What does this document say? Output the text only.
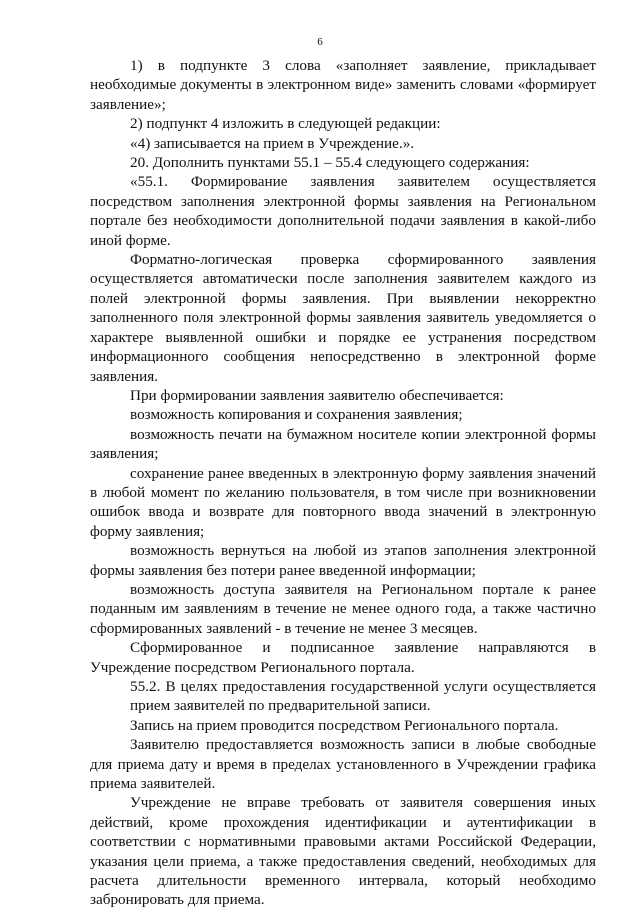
6

1) в подпункте 3 слова «заполняет заявление, прикладывает необходимые документы в электронном виде» заменить словами «формирует заявление»;

2) подпункт 4 изложить в следующей редакции:

«4) записывается на прием в Учреждение.».

20. Дополнить пунктами 55.1 – 55.4 следующего содержания:

«55.1. Формирование заявления заявителем осуществляется посредством заполнения электронной формы заявления на Региональном портале без необходимости дополнительной подачи заявления в какой-либо иной форме.

Форматно-логическая проверка сформированного заявления осуществляется автоматически после заполнения заявителем каждого из полей электронной формы заявления. При выявлении некорректно заполненного поля электронной формы заявления заявитель уведомляется о характере выявленной ошибки и порядке ее устранения посредством информационного сообщения непосредственно в электронной форме заявления.

При формировании заявления заявителю обеспечивается:

возможность копирования и сохранения заявления;

возможность печати на бумажном носителе копии электронной формы заявления;

сохранение ранее введенных в электронную форму заявления значений в любой момент по желанию пользователя, в том числе при возникновении ошибок ввода и возврате для повторного ввода значений в электронную форму заявления;

возможность вернуться на любой из этапов заполнения электронной формы заявления без потери ранее введенной информации;

возможность доступа заявителя на Региональном портале к ранее поданным им заявлениям в течение не менее одного года, а также частично сформированных заявлений - в течение не менее 3 месяцев.

Сформированное и подписанное заявление направляются в Учреждение посредством Регионального портала.

55.2. В целях предоставления государственной услуги осуществляется

прием заявителей по предварительной записи.

Запись на прием проводится посредством Регионального портала.

Заявителю предоставляется возможность записи в любые свободные для приема дату и время в пределах установленного в Учреждении графика приема заявителей.

Учреждение не вправе требовать от заявителя совершения иных действий, кроме прохождения идентификации и аутентификации в соответствии с нормативными правовыми актами Российской Федерации, указания цели приема, а также предоставления сведений, необходимых для расчета длительности временного интервала, который необходимо забронировать для приема.
